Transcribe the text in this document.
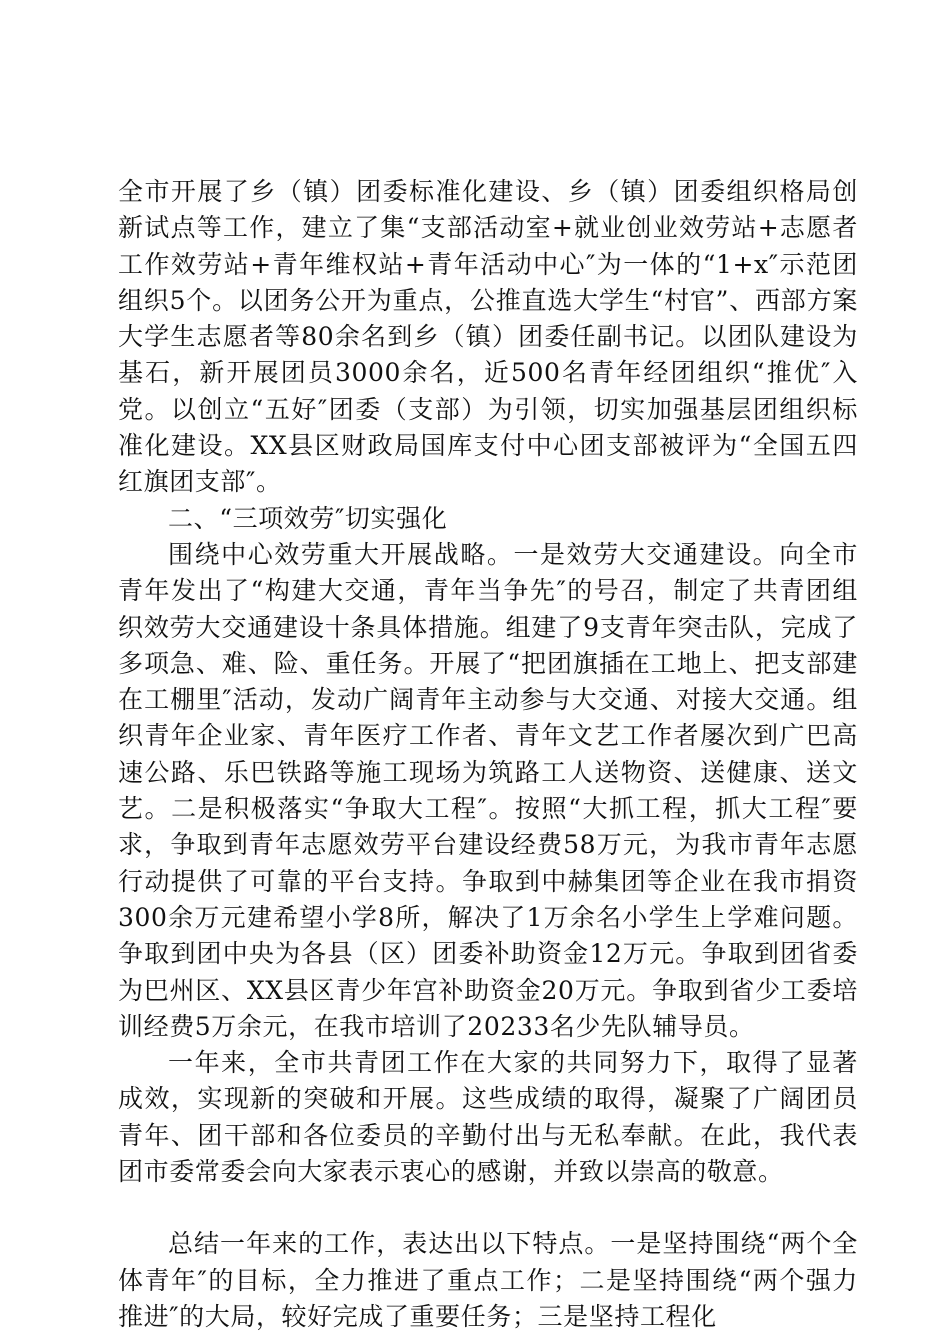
全市开展了乡（镇）团委标准化建设、乡（镇）团委组织格局创新试点等工作，建立了集“支部活动室+就业创业效劳站+志愿者工作效劳站+青年维权站+青年活动中心″为一体的“1+x″示范团组织5个。以团务公开为重点，公推直选大学生“村官”、西部方案大学生志愿者等80余名到乡（镇）团委任副书记。以团队建设为基石，新开展团员3000余名，近500名青年经团组织“推优″入党。以创立“五好″团委（支部）为引领，切实加强基层团组织标准化建设。XX县区财政局国库支付中心团支部被评为“全国五四红旗团支部″。

二、“三项效劳″切实强化

围绕中心效劳重大开展战略。一是效劳大交通建设。向全市青年发出了“构建大交通，青年当争先″的号召，制定了共青团组织效劳大交通建设十条具体措施。组建了9支青年突击队，完成了多项急、难、险、重任务。开展了“把团旗插在工地上、把支部建在工棚里″活动，发动广阔青年主动参与大交通、对接大交通。组织青年企业家、青年医疗工作者、青年文艺工作者屡次到广巴高速公路、乐巴铁路等施工现场为筑路工人送物资、送健康、送文艺。二是积极落实“争取大工程″。按照“大抓工程，抓大工程″要求，争取到青年志愿效劳平台建设经费58万元，为我市青年志愿行动提供了可靠的平台支持。争取到中赫集团等企业在我市捐资300余万元建希望小学8所，解决了1万余名小学生上学难问题。争取到团中央为各县（区）团委补助资金12万元。争取到团省委为巴州区、XX县区青少年宫补助资金20万元。争取到省少工委培训经费5万余元，在我市培训了20233名少先队辅导员。

一年来，全市共青团工作在大家的共同努力下，取得了显著成效，实现新的突破和开展。这些成绩的取得，凝聚了广阔团员青年、团干部和各位委员的辛勤付出与无私奉献。在此，我代表团市委常委会向大家表示衷心的感谢，并致以崇高的敬意。

总结一年来的工作，表达出以下特点。一是坚持围绕“两个全体青年″的目标，全力推进了重点工作；二是坚持围绕“两个强力推进″的大局，较好完成了重要任务；三是坚持工程化
